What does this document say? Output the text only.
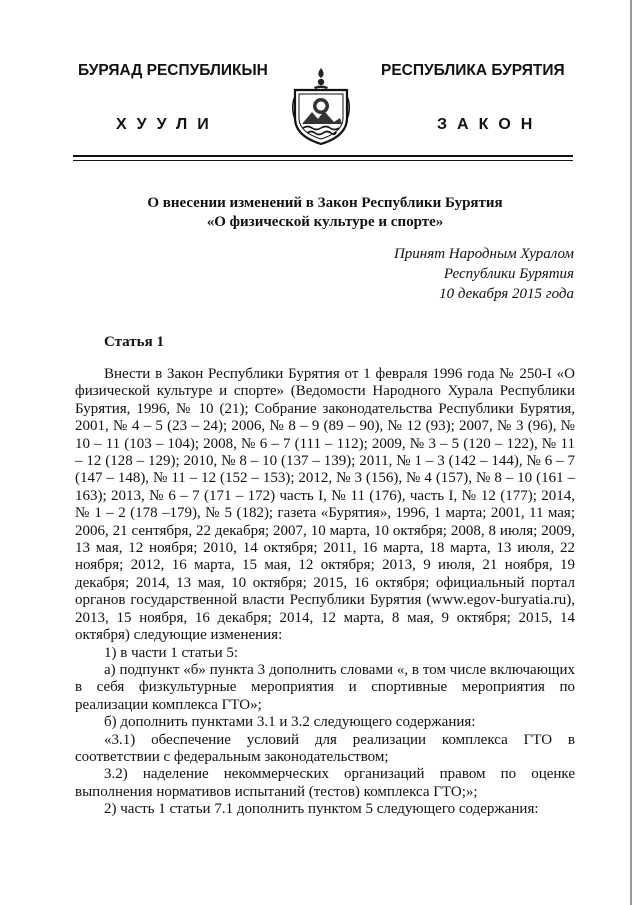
БУРЯАД РЕСПУБЛИКЫН	РЕСПУБЛИКА БУРЯТИЯ
ХУУЛИ	ЗАКОН
О внесении изменений в Закон Республики Бурятия
«О физической культуре и спорте»
Принят Народным Хуралом
Республики Бурятия
10 декабря 2015 года
Статья 1

Внести в Закон Республики Бурятия от 1 февраля 1996 года № 250-I «О физической культуре и спорте» (Ведомости Народного Хурала Республики Бурятия, 1996, № 10 (21); Собрание законодательства Республики Бурятия, 2001, № 4 – 5 (23 – 24); 2006, № 8 – 9 (89 – 90), № 12 (93); 2007, № 3 (96), № 10 – 11 (103 – 104); 2008, № 6 – 7 (111 – 112); 2009, № 3 – 5 (120 – 122), № 11 – 12 (128 – 129); 2010, № 8 – 10 (137 – 139); 2011, № 1 – 3 (142 – 144), № 6 – 7 (147 – 148), № 11 – 12 (152 – 153); 2012, № 3 (156), № 4 (157), № 8 – 10 (161 – 163); 2013, № 6 – 7 (171 – 172) часть I, № 11 (176), часть I, № 12 (177); 2014, № 1 – 2 (178 –179), № 5 (182); газета «Бурятия», 1996, 1 марта; 2001, 11 мая; 2006, 21 сентября, 22 декабря; 2007, 10 марта, 10 октября; 2008, 8 июля; 2009, 13 мая, 12 ноября; 2010, 14 октября; 2011, 16 марта, 18 марта, 13 июля, 22 ноября; 2012, 16 марта, 15 мая, 12 октября; 2013, 9 июля, 21 ноября, 19 декабря; 2014, 13 мая, 10 октября; 2015, 16 октября; официальный портал органов государственной власти Республики Бурятия (www.egov-buryatia.ru), 2013, 15 ноября, 16 декабря; 2014, 12 марта, 8 мая, 9 октября; 2015, 14 октября) следующие изменения:

1) в части 1 статьи 5:

а) подпункт «б» пункта 3 дополнить словами «, в том числе включающих в себя физкультурные мероприятия и спортивные мероприятия по реализации комплекса ГТО»;

б) дополнить пунктами 3.1 и 3.2 следующего содержания:

«3.1) обеспечение условий для реализации комплекса ГТО в соответствии с федеральным законодательством;

3.2) наделение некоммерческих организаций правом по оценке выполнения нормативов испытаний (тестов) комплекса ГТО;»;

2) часть 1 статьи 7.1 дополнить пунктом 5 следующего содержания:
